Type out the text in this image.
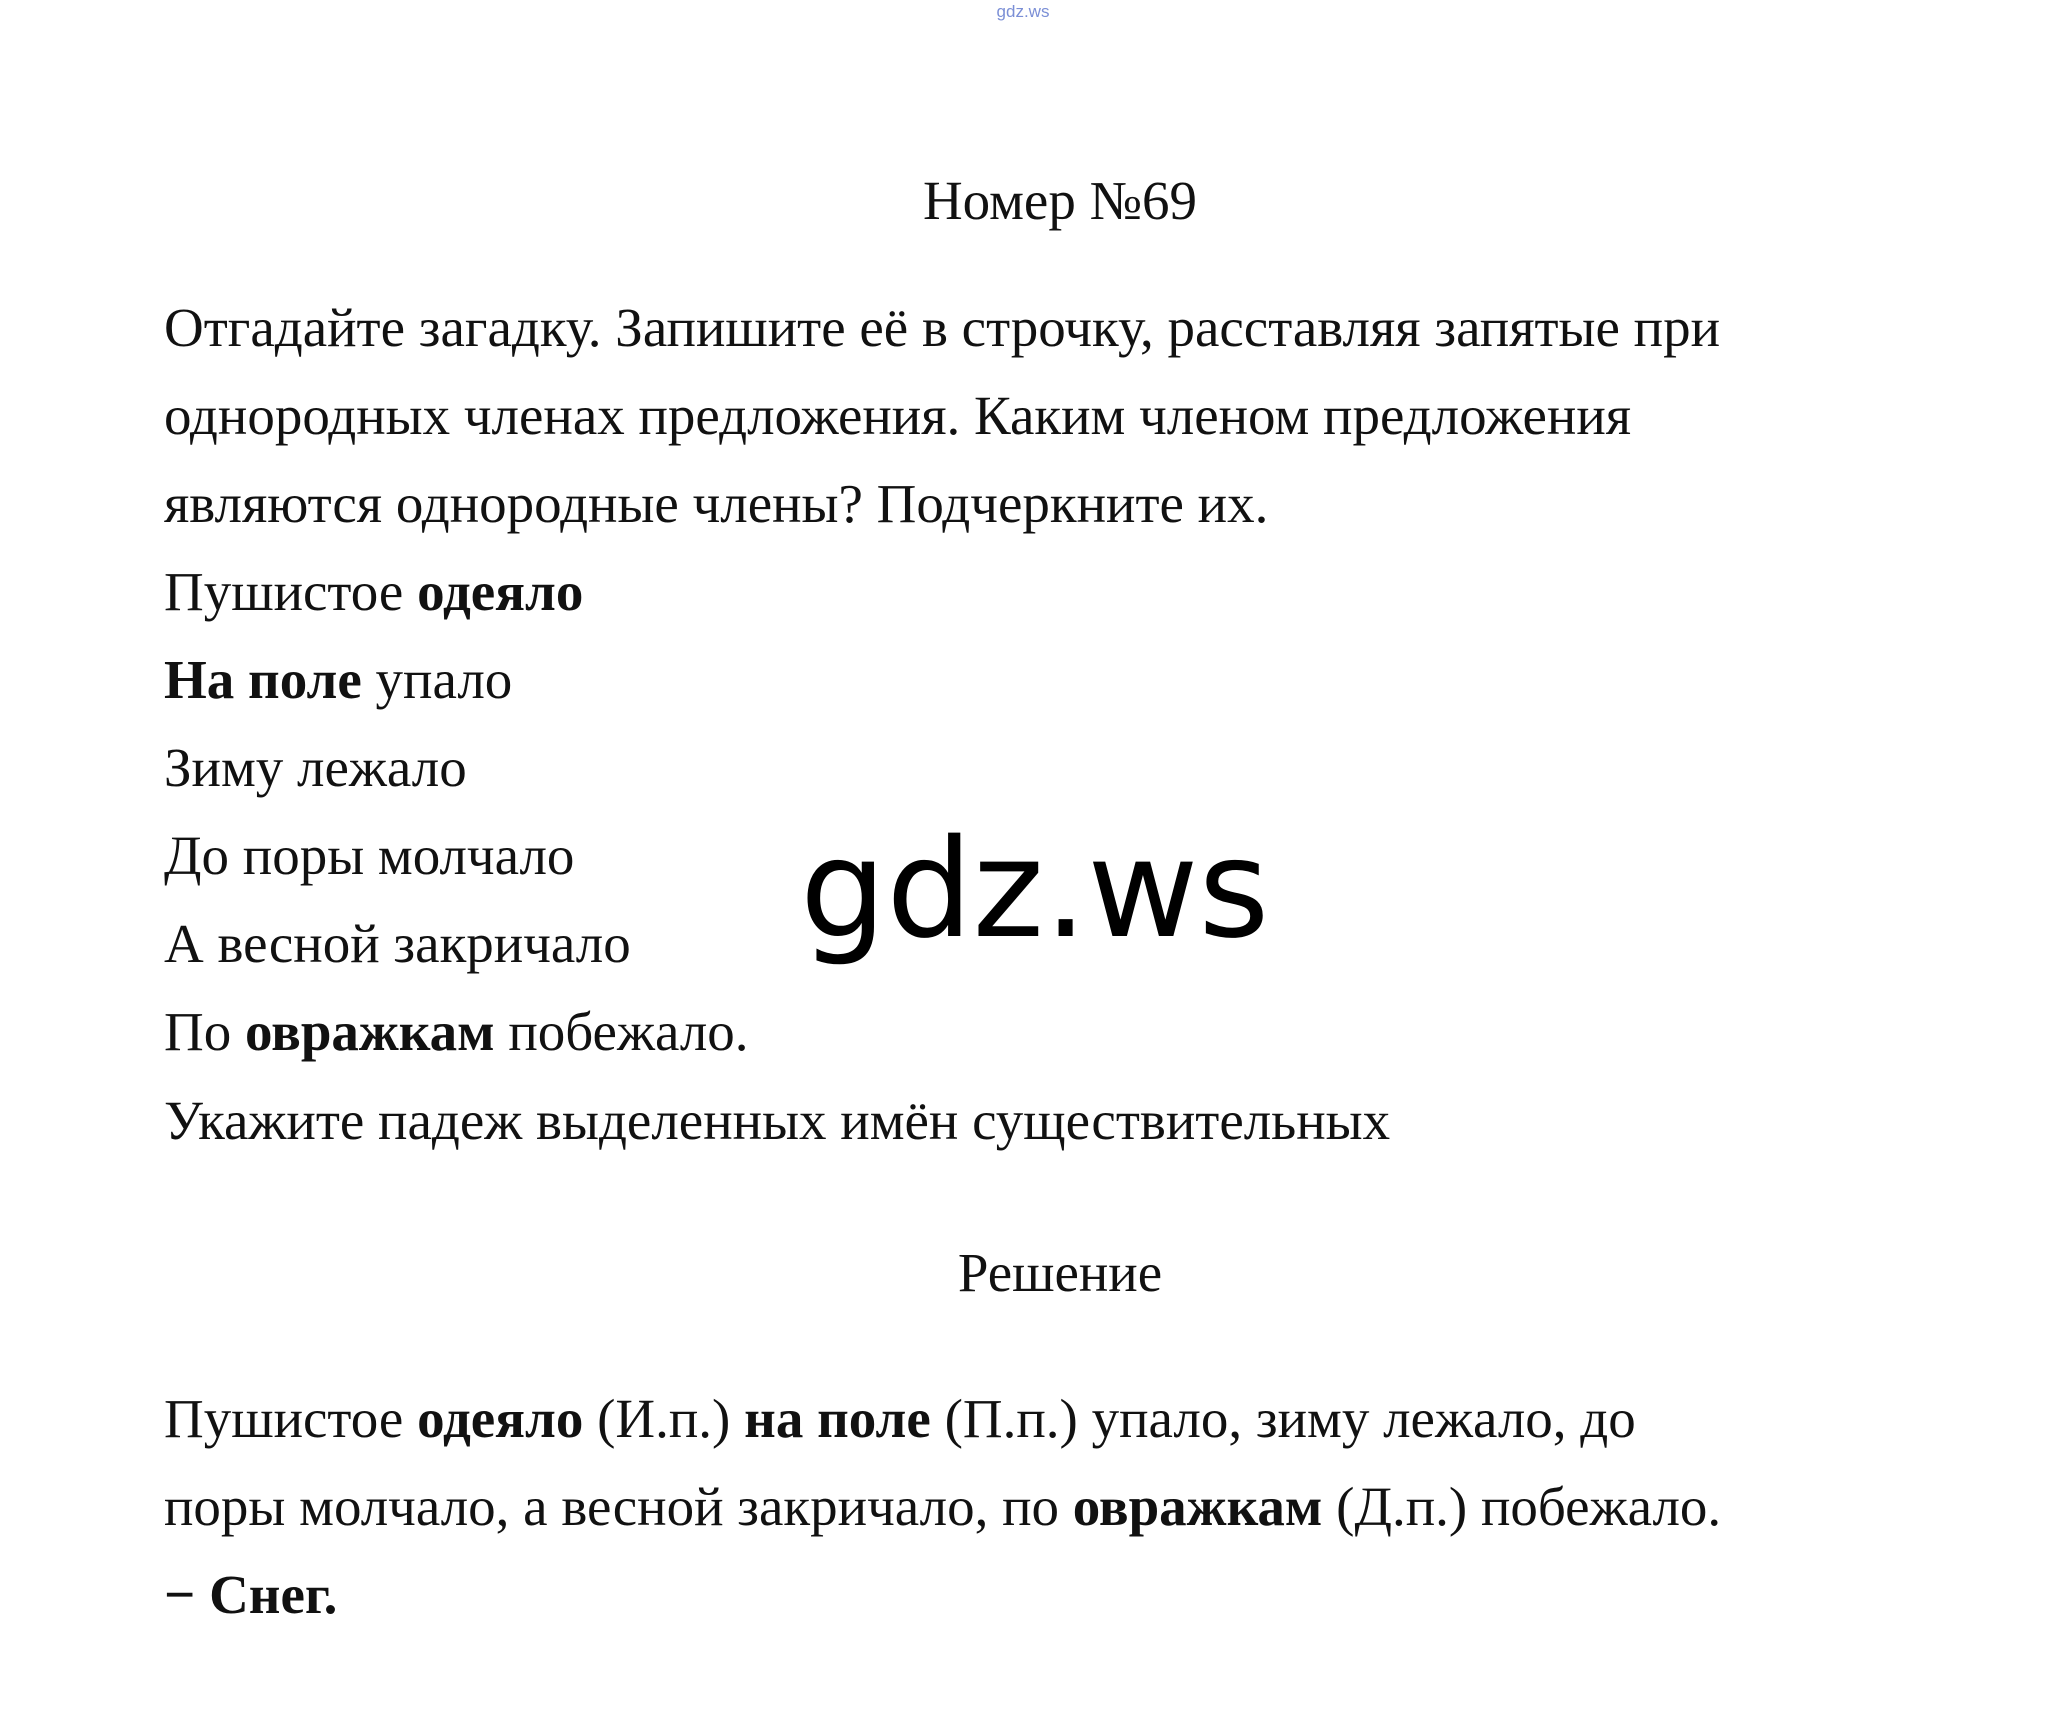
gdz.ws
Номер №69
Отгадайте загадку. Запишите её в строчку, расставляя запятые при
однородных членах предложения. Каким членом предложения
являются однородные члены? Подчеркните их.
Пушистое одеяло
На поле упало
Зиму лежало
До поры молчало
А весной закричало
По овражкам побежало.
Укажите падеж выделенных имён существительных
gdz.ws
Решение
Пушистое одеяло (И.п.) на поле (П.п.) упало, зиму лежало, до
поры молчало, а весной закричало, по овражкам (Д.п.) побежало.
− Снег.
